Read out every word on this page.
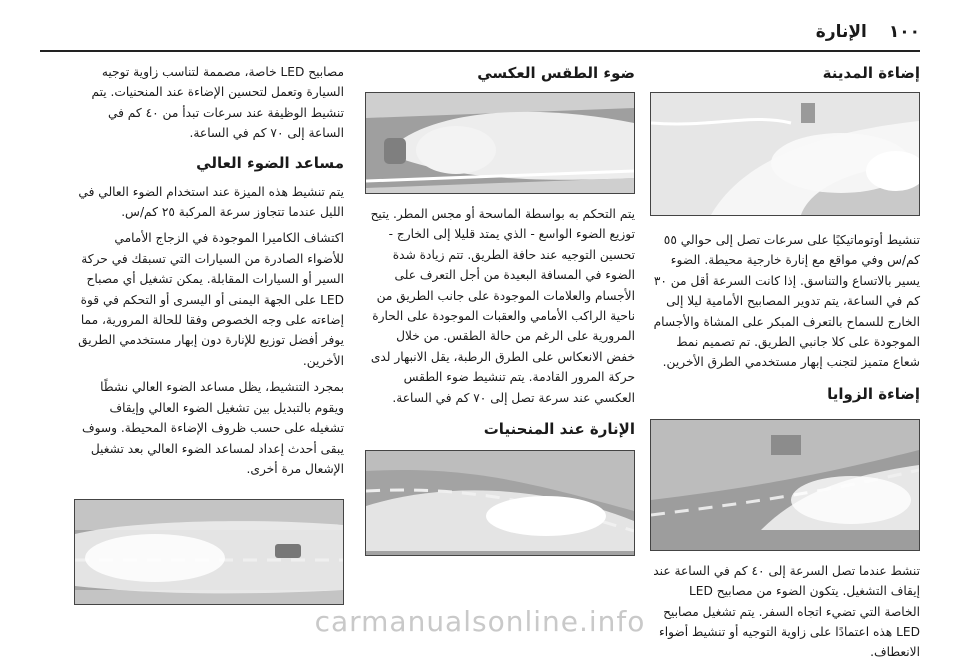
١٠٠
الإنارة
إضاءة المدينة
تنشيط أوتوماتيكيًا على سرعات تصل إلى حوالي ٥٥ كم/س وفي مواقع مع إنارة خارجية محيطة. الضوء يسير بالاتساع والتناسق. إذا كانت السرعة أقل من ٣٠ كم في الساعة، يتم تدوير المصابيح الأمامية ليلا إلى الخارج للسماح بالتعرف المبكر على المشاة والأجسام الموجودة على كلا جانبي الطريق. تم تصميم نمط شعاع متميز لتجنب إبهار مستخدمي الطرق الأخرين.
إضاءة الزوايا
تنشط عندما تصل السرعة إلى ٤٠ كم في الساعة عند إيقاف التشغيل. يتكون الضوء من مصابيح LED الخاصة التي تضيء اتجاه السفر. يتم تشغيل مصابيح LED هذه اعتمادًا على زاوية التوجيه أو تنشيط أضواء الانعطاف.
ضوء الطقس العكسي
يتم التحكم به بواسطة الماسحة أو مجس المطر. يتيح توزيع الضوء الواسع - الذي يمتد قليلا إلى الخارج - تحسين التوجيه عند حافة الطريق. تتم زيادة شدة الضوء في المسافة البعيدة من أجل التعرف على الأجسام والعلامات الموجودة على جانب الطريق من ناحية الراكب الأمامي والعقبات الموجودة على الحارة المرورية على الرغم من حالة الطقس. من خلال خفض الانعكاس على الطرق الرطبة، يقل الانبهار لدى حركة المرور القادمة. يتم تنشيط ضوء الطقس العكسي عند سرعة تصل إلى ٧٠ كم في الساعة.
الإنارة عند المنحنيات
مصابيح LED خاصة، مصممة لتناسب زاوية توجيه السيارة وتعمل لتحسين الإضاءة عند المنحنيات. يتم تنشيط الوظيفة عند سرعات تبدأ من ٤٠ كم في الساعة إلى ٧٠ كم في الساعة.
مساعد الضوء العالي
يتم تنشيط هذه الميزة عند استخدام الضوء العالي في الليل عندما تتجاوز سرعة المركبة ٢٥ كم/س.
اكتشاف الكاميرا الموجودة في الزجاج الأمامي للأضواء الصادرة من السيارات التي تسبقك في حركة السير أو السيارات المقابلة. يمكن تشغيل أي مصباح LED على الجهة اليمنى أو اليسرى أو التحكم في قوة إضاءته على وجه الخصوص وفقا للحالة المرورية، مما يوفر أفضل توزيع للإنارة دون إبهار مستخدمي الطريق الأخرين.
بمجرد التنشيط، يظل مساعد الضوء العالي نشطًا ويقوم بالتبديل بين تشغيل الضوء العالي وإيقاف تشغيله على حسب ظروف الإضاءة المحيطة. وسوف يبقى أحدث إعداد لمساعد الضوء العالي بعد تشغيل الإشعال مرة أخرى.
carmanualsonline.info
